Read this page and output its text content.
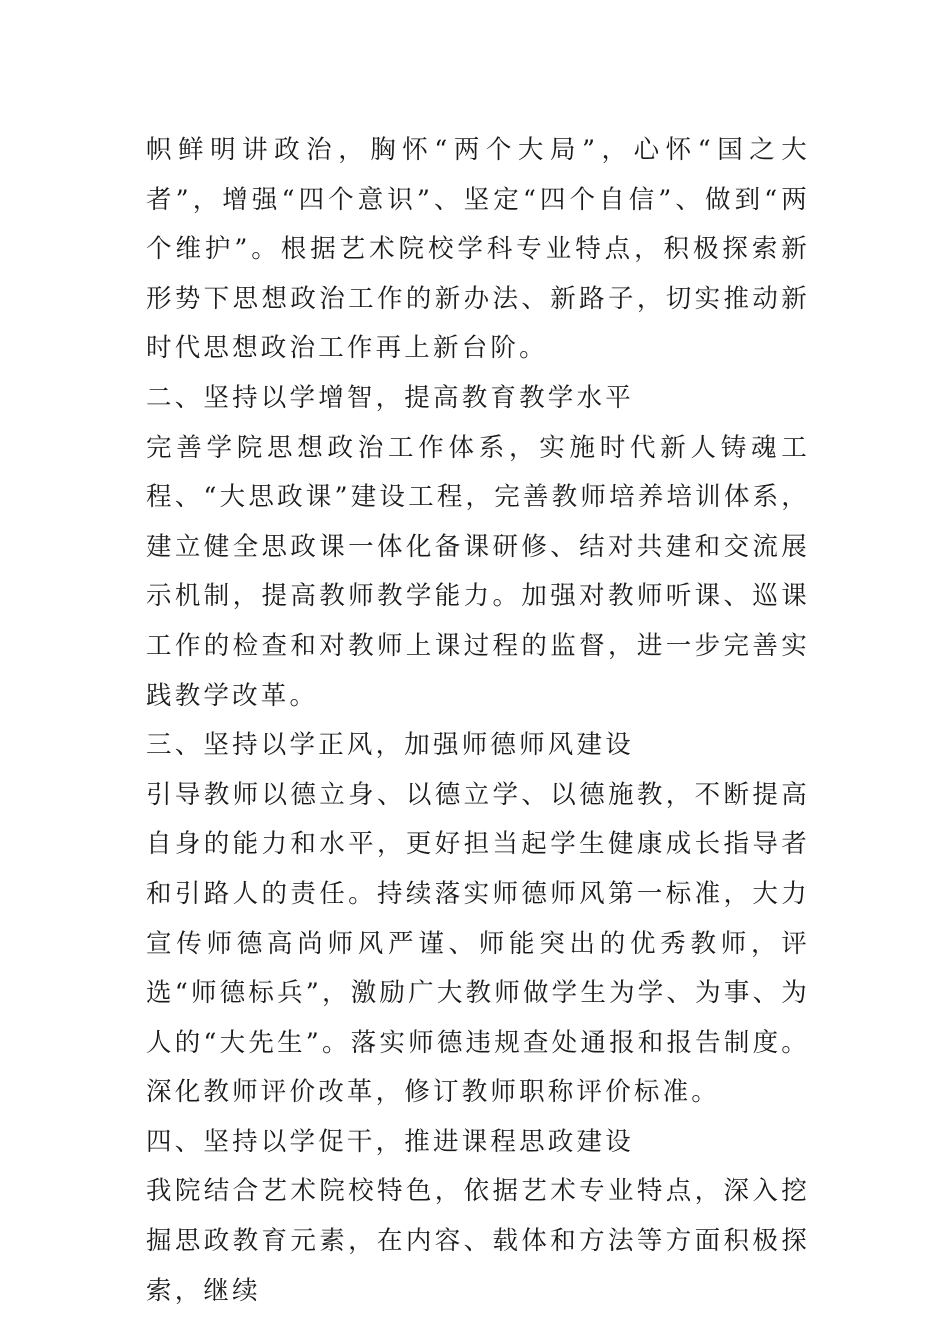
帜鲜明讲政治，胸怀“两个大局”，心怀“国之大者”，增强“四个意识”、坚定“四个自信”、做到“两个维护”。根据艺术院校学科专业特点，积极探索新形势下思想政治工作的新办法、新路子，切实推动新时代思想政治工作再上新台阶。

二、坚持以学增智，提高教育教学水平

完善学院思想政治工作体系，实施时代新人铸魂工程、“大思政课”建设工程，完善教师培养培训体系，建立健全思政课一体化备课研修、结对共建和交流展示机制，提高教师教学能力。加强对教师听课、巡课工作的检查和对教师上课过程的监督，进一步完善实践教学改革。

三、坚持以学正风，加强师德师风建设

引导教师以德立身、以德立学、以德施教，不断提高自身的能力和水平，更好担当起学生健康成长指导者和引路人的责任。持续落实师德师风第一标准，大力宣传师德高尚师风严谨、师能突出的优秀教师，评选“师德标兵”，激励广大教师做学生为学、为事、为人的“大先生”。落实师德违规查处通报和报告制度。深化教师评价改革，修订教师职称评价标准。

四、坚持以学促干，推进课程思政建设

我院结合艺术院校特色，依据艺术专业特点，深入挖掘思政教育元素，在内容、载体和方法等方面积极探索，继续
